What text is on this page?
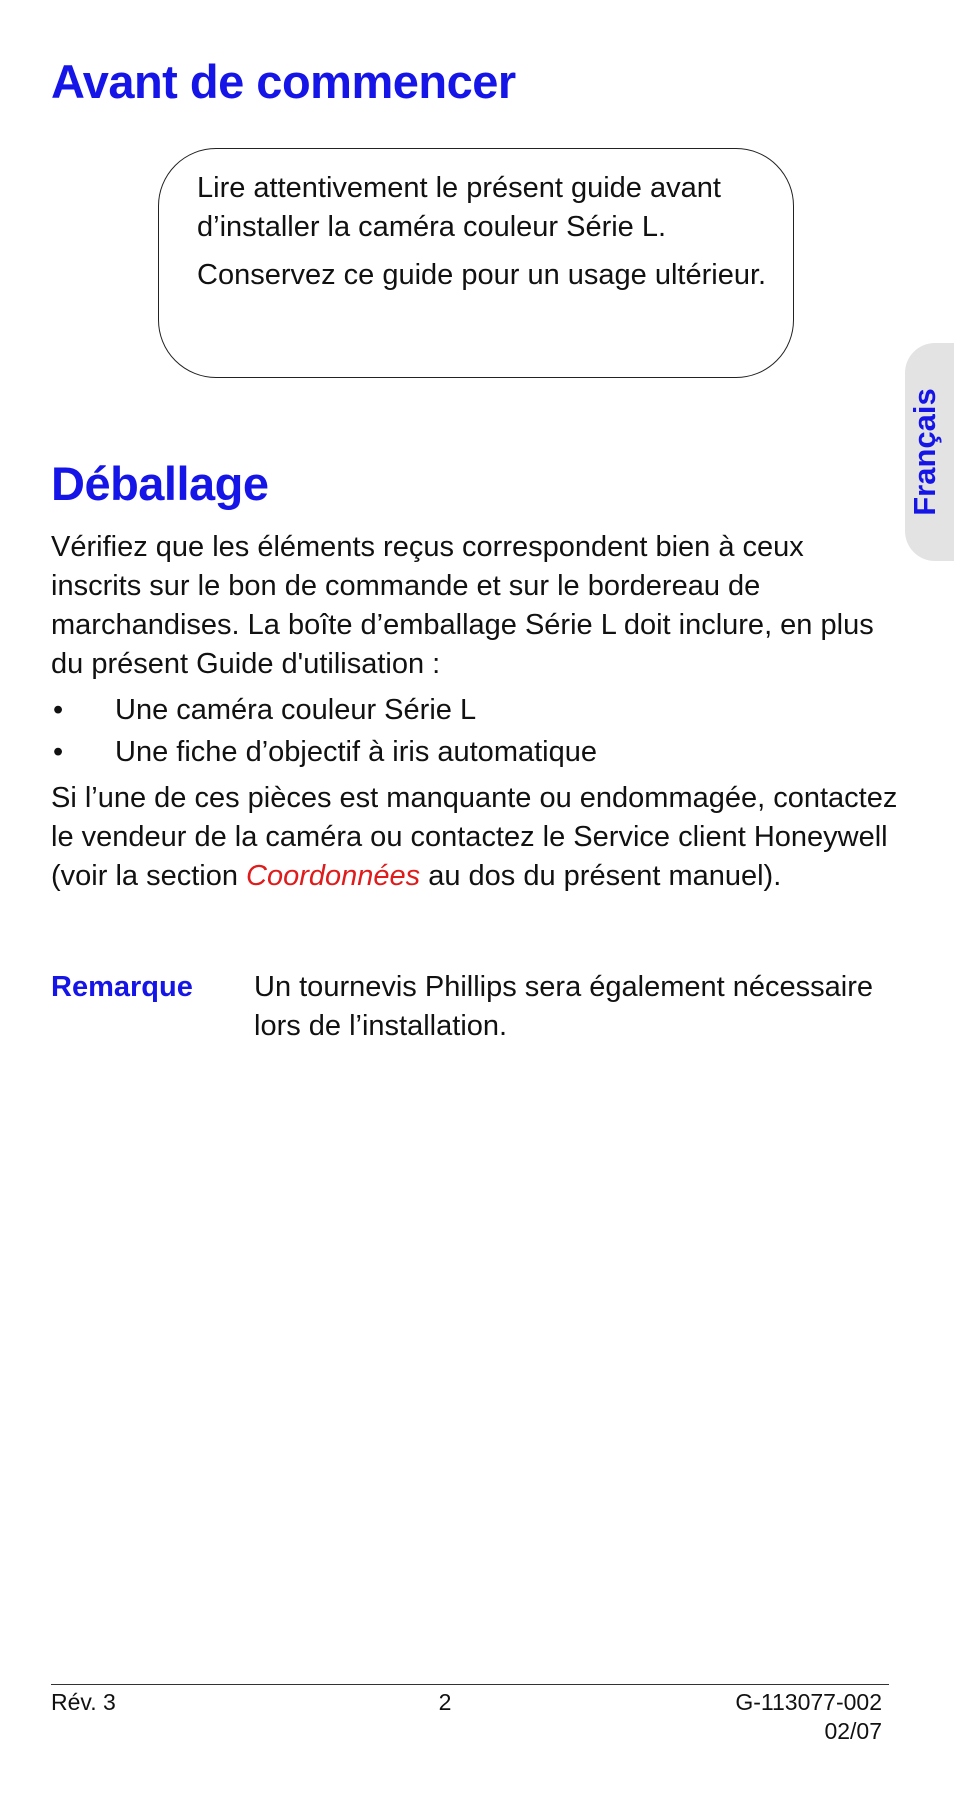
Avant de commencer

Lire attentivement le présent guide avant d’installer la caméra couleur Série L.

Conservez ce guide pour un usage ultérieur.

Français
Déballage

Vérifiez que les éléments reçus correspondent bien à ceux inscrits sur le bon de commande et sur le bordereau de marchandises. La boîte d’emballage Série L doit inclure, en plus du présent Guide d'utilisation :

• Une caméra couleur Série L
• Une fiche d’objectif à iris automatique

Si l’une de ces pièces est manquante ou endommagée, contactez le vendeur de la caméra ou contactez le Service client Honeywell (voir la section Coordonnées au dos du présent manuel).

Remarque Un tournevis Phillips sera également nécessaire lors de l’installation.

Rév. 3	2	G-113077-002
02/07
